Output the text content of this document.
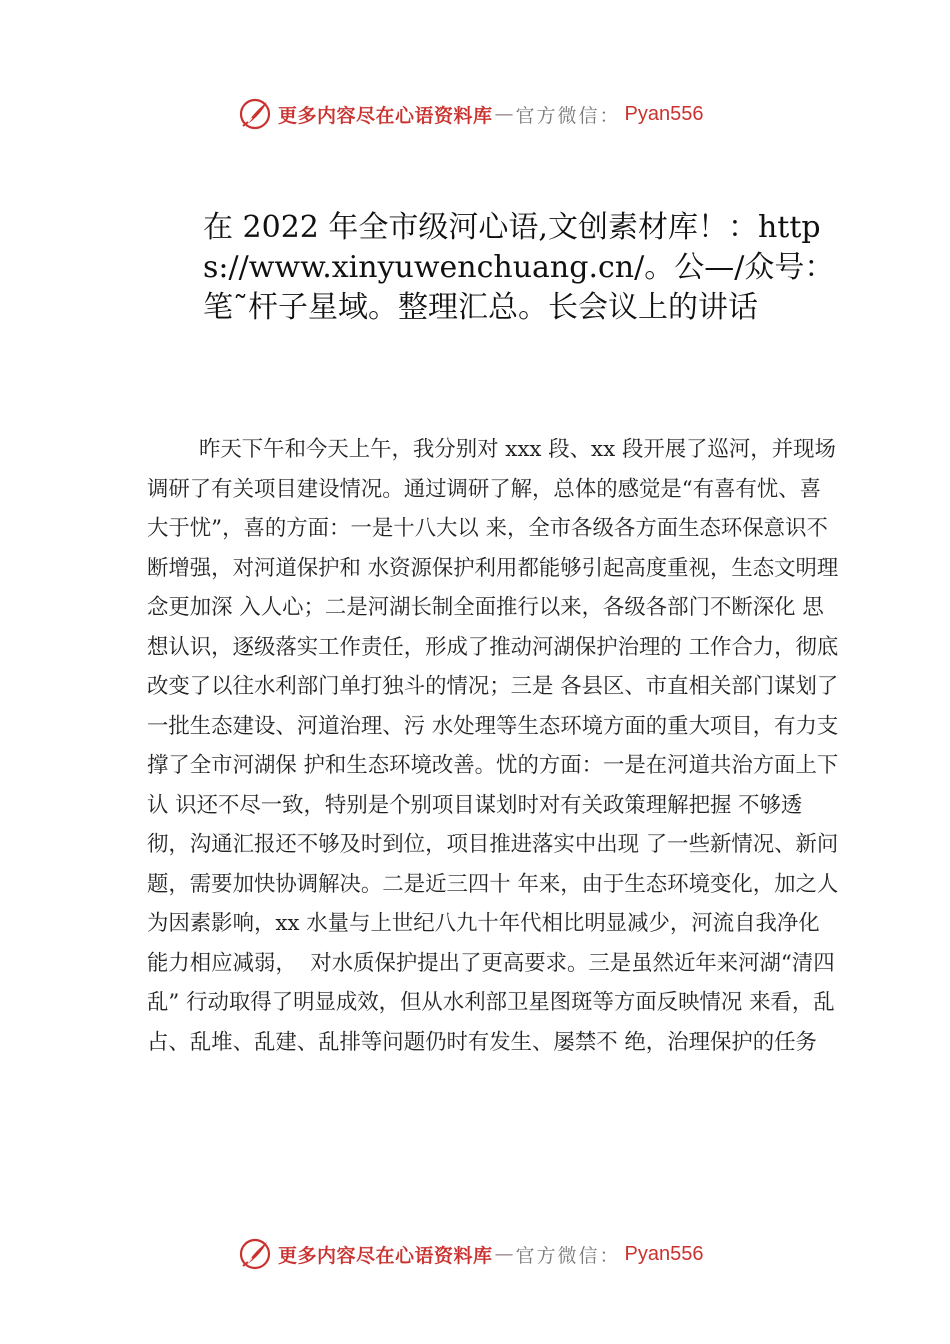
更多内容尽在心语资料库 — 官方微信： Pyan556
在 2022 年全市级河心语,文创素材库！：https://www.xinyuwenchuang.cn/。公—/众号：笔˜杆子星域。整理汇总。长会议上的讲话

昨天下午和今天上午，我分别对 xxx 段、xx 段开展了巡河，并现场调研了有关项目建设情况。通过调研了解，总体的感觉是“有喜有忧、喜大于忧”，喜的方面：一是十八大以 来，全市各级各方面生态环保意识不断增强，对河道保护和 水资源保护利用都能够引起高度重视，生态文明理念更加深 入人心；二是河湖长制全面推行以来，各级各部门不断深化 思想认识，逐级落实工作责任，形成了推动河湖保护治理的 工作合力，彻底改变了以往水利部门单打独斗的情况；三是 各县区、市直相关部门谋划了一批生态建设、河道治理、污 水处理等生态环境方面的重大项目，有力支撑了全市河湖保 护和生态环境改善。忧的方面：一是在河道共治方面上下认 识还不尽一致，特别是个别项目谋划时对有关政策理解把握 不够透彻，沟通汇报还不够及时到位，项目推进落实中出现 了一些新情况、新问题，需要加快协调解决。二是近三四十 年来，由于生态环境变化，加之人为因素影响，xx 水量与上世纪八九十年代相比明显减少，河流自我净化能力相应减弱，  对水质保护提出了更高要求。三是虽然近年来河湖“清四乱” 行动取得了明显成效，但从水利部卫星图斑等方面反映情况 来看，乱占、乱堆、乱建、乱排等问题仍时有发生、屡禁不 绝，治理保护的任务

更多内容尽在心语资料库 — 官方微信： Pyan556
